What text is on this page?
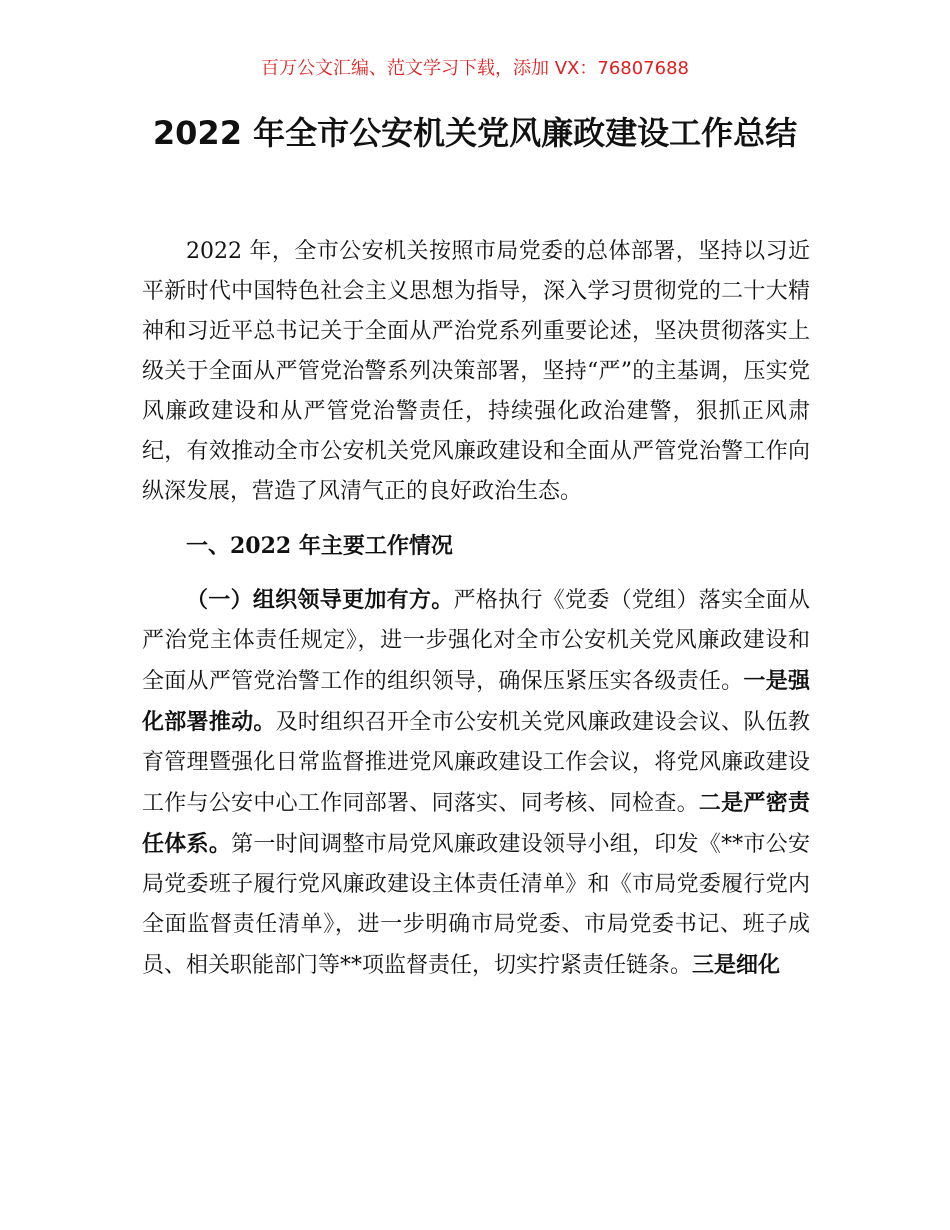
百万公文汇编、范文学习下载，添加 VX：76807688
2022 年全市公安机关党风廉政建设工作总结

2022 年，全市公安机关按照市局党委的总体部署，坚持以习近平新时代中国特色社会主义思想为指导，深入学习贯彻党的二十大精神和习近平总书记关于全面从严治党系列重要论述，坚决贯彻落实上级关于全面从严管党治警系列决策部署，坚持“严”的主基调，压实党风廉政建设和从严管党治警责任，持续强化政治建警，狠抓正风肃纪，有效推动全市公安机关党风廉政建设和全面从严管党治警工作向纵深发展，营造了风清气正的良好政治生态。

一、2022 年主要工作情况

（一）组织领导更加有方。严格执行《党委（党组）落实全面从严治党主体责任规定》，进一步强化对全市公安机关党风廉政建设和全面从严管党治警工作的组织领导，确保压紧压实各级责任。一是强化部署推动。及时组织召开全市公安机关党风廉政建设会议、队伍教育管理暨强化日常监督推进党风廉政建设工作会议，将党风廉政建设工作与公安中心工作同部署、同落实、同考核、同检查。二是严密责任体系。第一时间调整市局党风廉政建设领导小组，印发《**市公安局党委班子履行党风廉政建设主体责任清单》和《市局党委履行党内全面监督责任清单》，进一步明确市局党委、市局党委书记、班子成员、相关职能部门等**项监督责任，切实拧紧责任链条。三是细化
